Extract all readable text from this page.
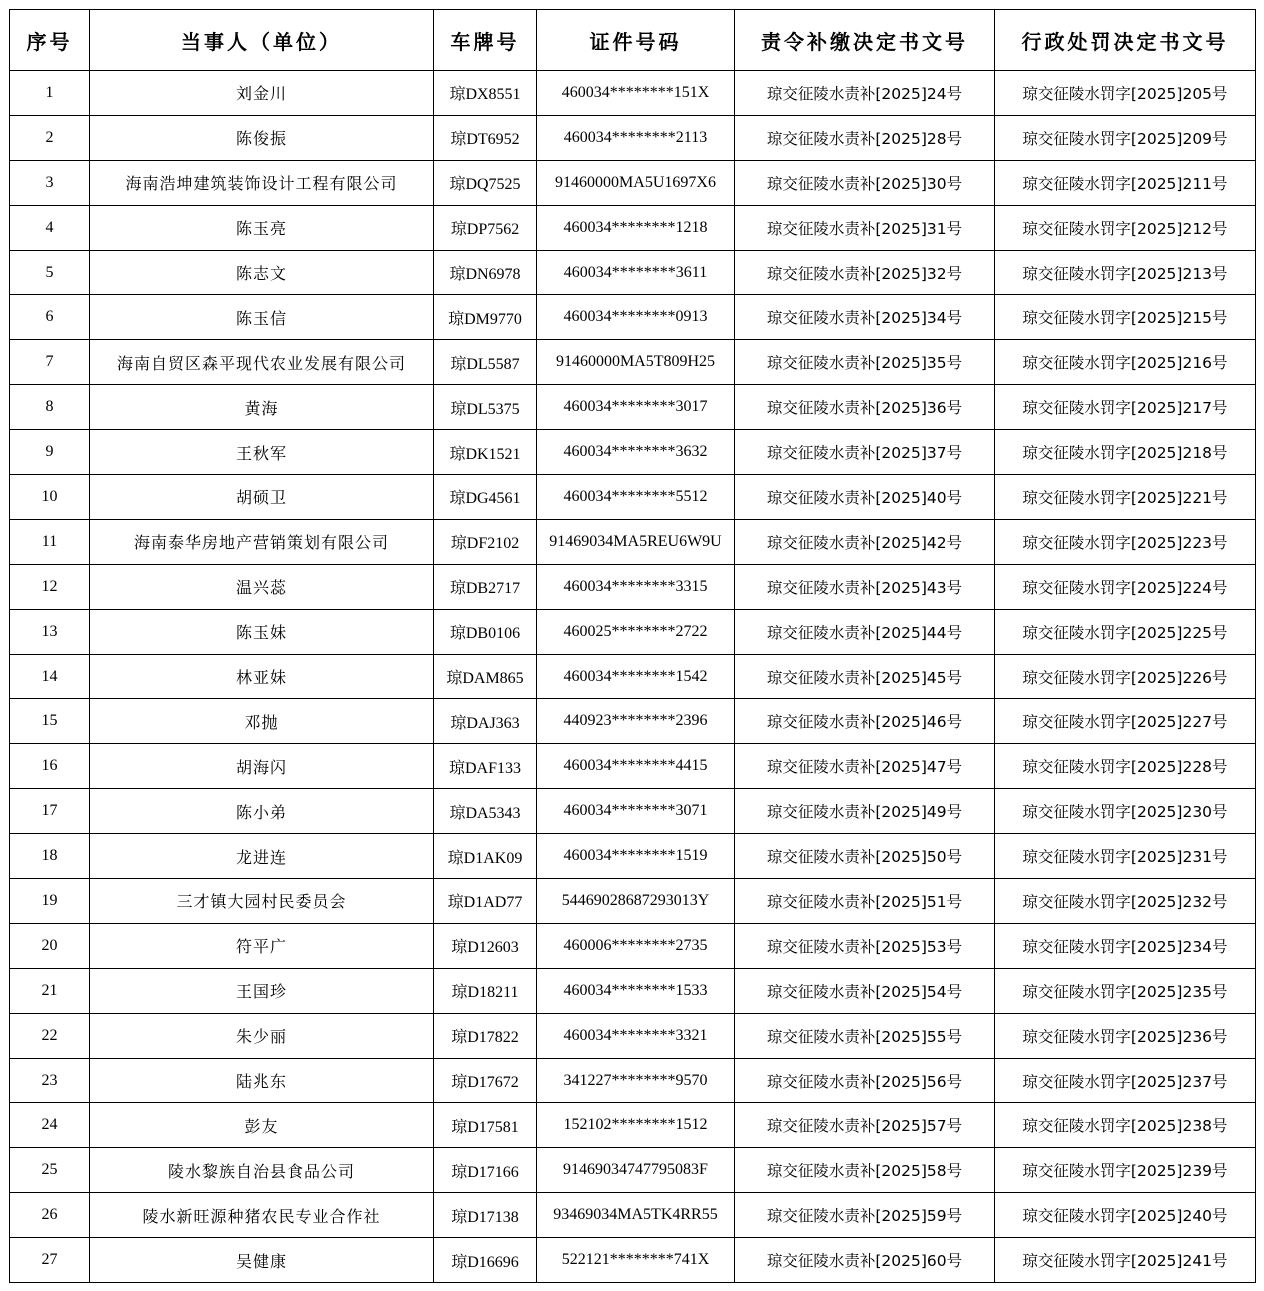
序号	当事人（单位）	车牌号	证件号码	责令补缴决定书文号	行政处罚决定书文号
1	刘金川	琼DX8551	460034********151X	琼交征陵水责补[2025]24号	琼交征陵水罚字[2025]205号
2	陈俊振	琼DT6952	460034********2113	琼交征陵水责补[2025]28号	琼交征陵水罚字[2025]209号
3	海南浩坤建筑装饰设计工程有限公司	琼DQ7525	91460000MA5U1697X6	琼交征陵水责补[2025]30号	琼交征陵水罚字[2025]211号
4	陈玉亮	琼DP7562	460034********1218	琼交征陵水责补[2025]31号	琼交征陵水罚字[2025]212号
5	陈志文	琼DN6978	460034********3611	琼交征陵水责补[2025]32号	琼交征陵水罚字[2025]213号
6	陈玉信	琼DM9770	460034********0913	琼交征陵水责补[2025]34号	琼交征陵水罚字[2025]215号
7	海南自贸区森平现代农业发展有限公司	琼DL5587	91460000MA5T809H25	琼交征陵水责补[2025]35号	琼交征陵水罚字[2025]216号
8	黄海	琼DL5375	460034********3017	琼交征陵水责补[2025]36号	琼交征陵水罚字[2025]217号
9	王秋军	琼DK1521	460034********3632	琼交征陵水责补[2025]37号	琼交征陵水罚字[2025]218号
10	胡硕卫	琼DG4561	460034********5512	琼交征陵水责补[2025]40号	琼交征陵水罚字[2025]221号
11	海南泰华房地产营销策划有限公司	琼DF2102	91469034MA5REU6W9U	琼交征陵水责补[2025]42号	琼交征陵水罚字[2025]223号
12	温兴蕊	琼DB2717	460034********3315	琼交征陵水责补[2025]43号	琼交征陵水罚字[2025]224号
13	陈玉妹	琼DB0106	460025********2722	琼交征陵水责补[2025]44号	琼交征陵水罚字[2025]225号
14	林亚妹	琼DAM865	460034********1542	琼交征陵水责补[2025]45号	琼交征陵水罚字[2025]226号
15	邓抛	琼DAJ363	440923********2396	琼交征陵水责补[2025]46号	琼交征陵水罚字[2025]227号
16	胡海闪	琼DAF133	460034********4415	琼交征陵水责补[2025]47号	琼交征陵水罚字[2025]228号
17	陈小弟	琼DA5343	460034********3071	琼交征陵水责补[2025]49号	琼交征陵水罚字[2025]230号
18	龙进连	琼D1AK09	460034********1519	琼交征陵水责补[2025]50号	琼交征陵水罚字[2025]231号
19	三才镇大园村民委员会	琼D1AD77	54469028687293013Y	琼交征陵水责补[2025]51号	琼交征陵水罚字[2025]232号
20	符平广	琼D12603	460006********2735	琼交征陵水责补[2025]53号	琼交征陵水罚字[2025]234号
21	王国珍	琼D18211	460034********1533	琼交征陵水责补[2025]54号	琼交征陵水罚字[2025]235号
22	朱少丽	琼D17822	460034********3321	琼交征陵水责补[2025]55号	琼交征陵水罚字[2025]236号
23	陆兆东	琼D17672	341227********9570	琼交征陵水责补[2025]56号	琼交征陵水罚字[2025]237号
24	彭友	琼D17581	152102********1512	琼交征陵水责补[2025]57号	琼交征陵水罚字[2025]238号
25	陵水黎族自治县食品公司	琼D17166	91469034747795083F	琼交征陵水责补[2025]58号	琼交征陵水罚字[2025]239号
26	陵水新旺源种猪农民专业合作社	琼D17138	93469034MA5TK4RR55	琼交征陵水责补[2025]59号	琼交征陵水罚字[2025]240号
27	吴健康	琼D16696	522121********741X	琼交征陵水责补[2025]60号	琼交征陵水罚字[2025]241号
